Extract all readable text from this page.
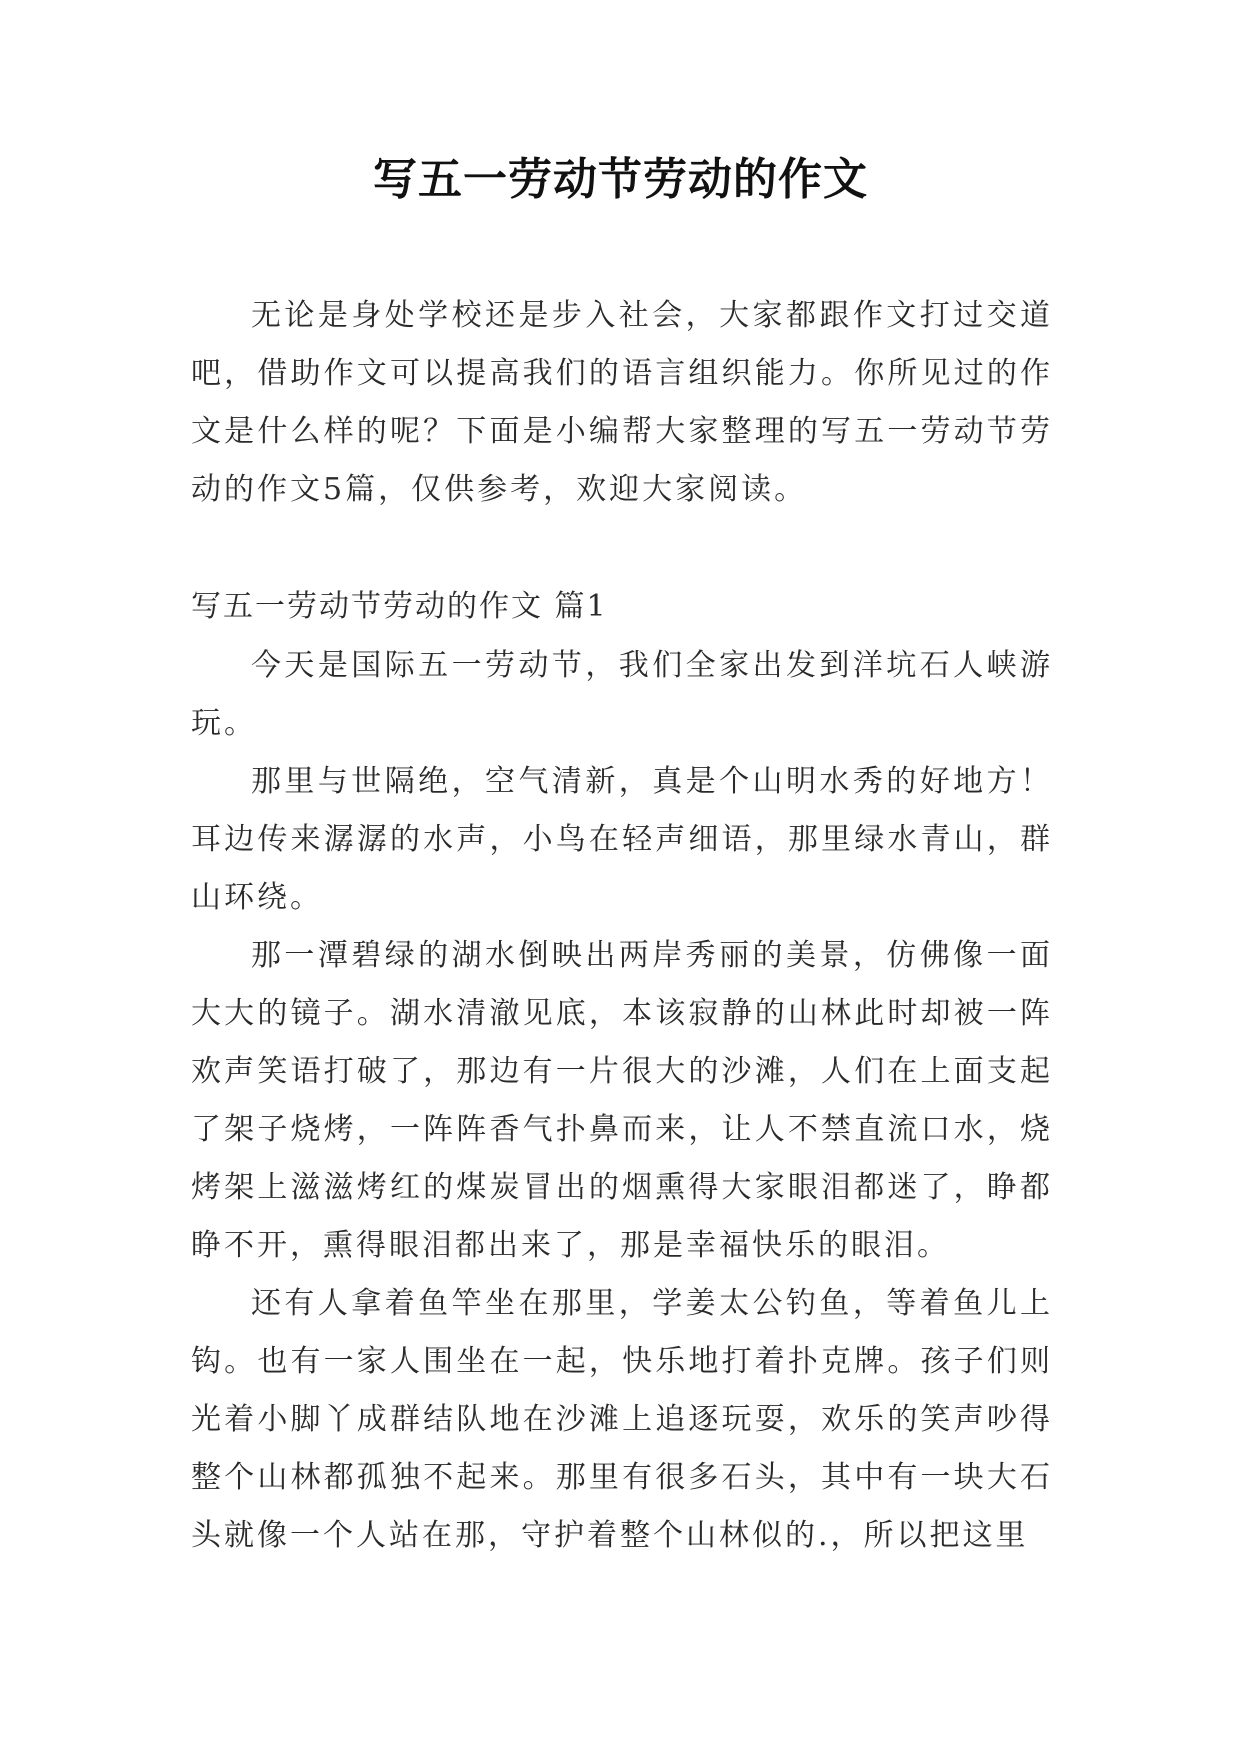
写五一劳动节劳动的作文

无论是身处学校还是步入社会，大家都跟作文打过交道吧，借助作文可以提高我们的语言组织能力。你所见过的作文是什么样的呢？下面是小编帮大家整理的写五一劳动节劳动的作文5篇，仅供参考，欢迎大家阅读。

写五一劳动节劳动的作文 篇1

今天是国际五一劳动节，我们全家出发到洋坑石人峡游玩。

那里与世隔绝，空气清新，真是个山明水秀的好地方！耳边传来潺潺的水声，小鸟在轻声细语，那里绿水青山，群山环绕。

那一潭碧绿的湖水倒映出两岸秀丽的美景，仿佛像一面大大的镜子。湖水清澈见底，本该寂静的山林此时却被一阵欢声笑语打破了，那边有一片很大的沙滩，人们在上面支起了架子烧烤，一阵阵香气扑鼻而来，让人不禁直流口水，烧烤架上滋滋烤红的煤炭冒出的烟熏得大家眼泪都迷了，睁都睁不开，熏得眼泪都出来了，那是幸福快乐的眼泪。

还有人拿着鱼竿坐在那里，学姜太公钓鱼，等着鱼儿上钩。也有一家人围坐在一起，快乐地打着扑克牌。孩子们则光着小脚丫成群结队地在沙滩上追逐玩耍，欢乐的笑声吵得整个山林都孤独不起来。那里有很多石头，其中有一块大石头就像一个人站在那，守护着整个山林似的.，所以把这里
